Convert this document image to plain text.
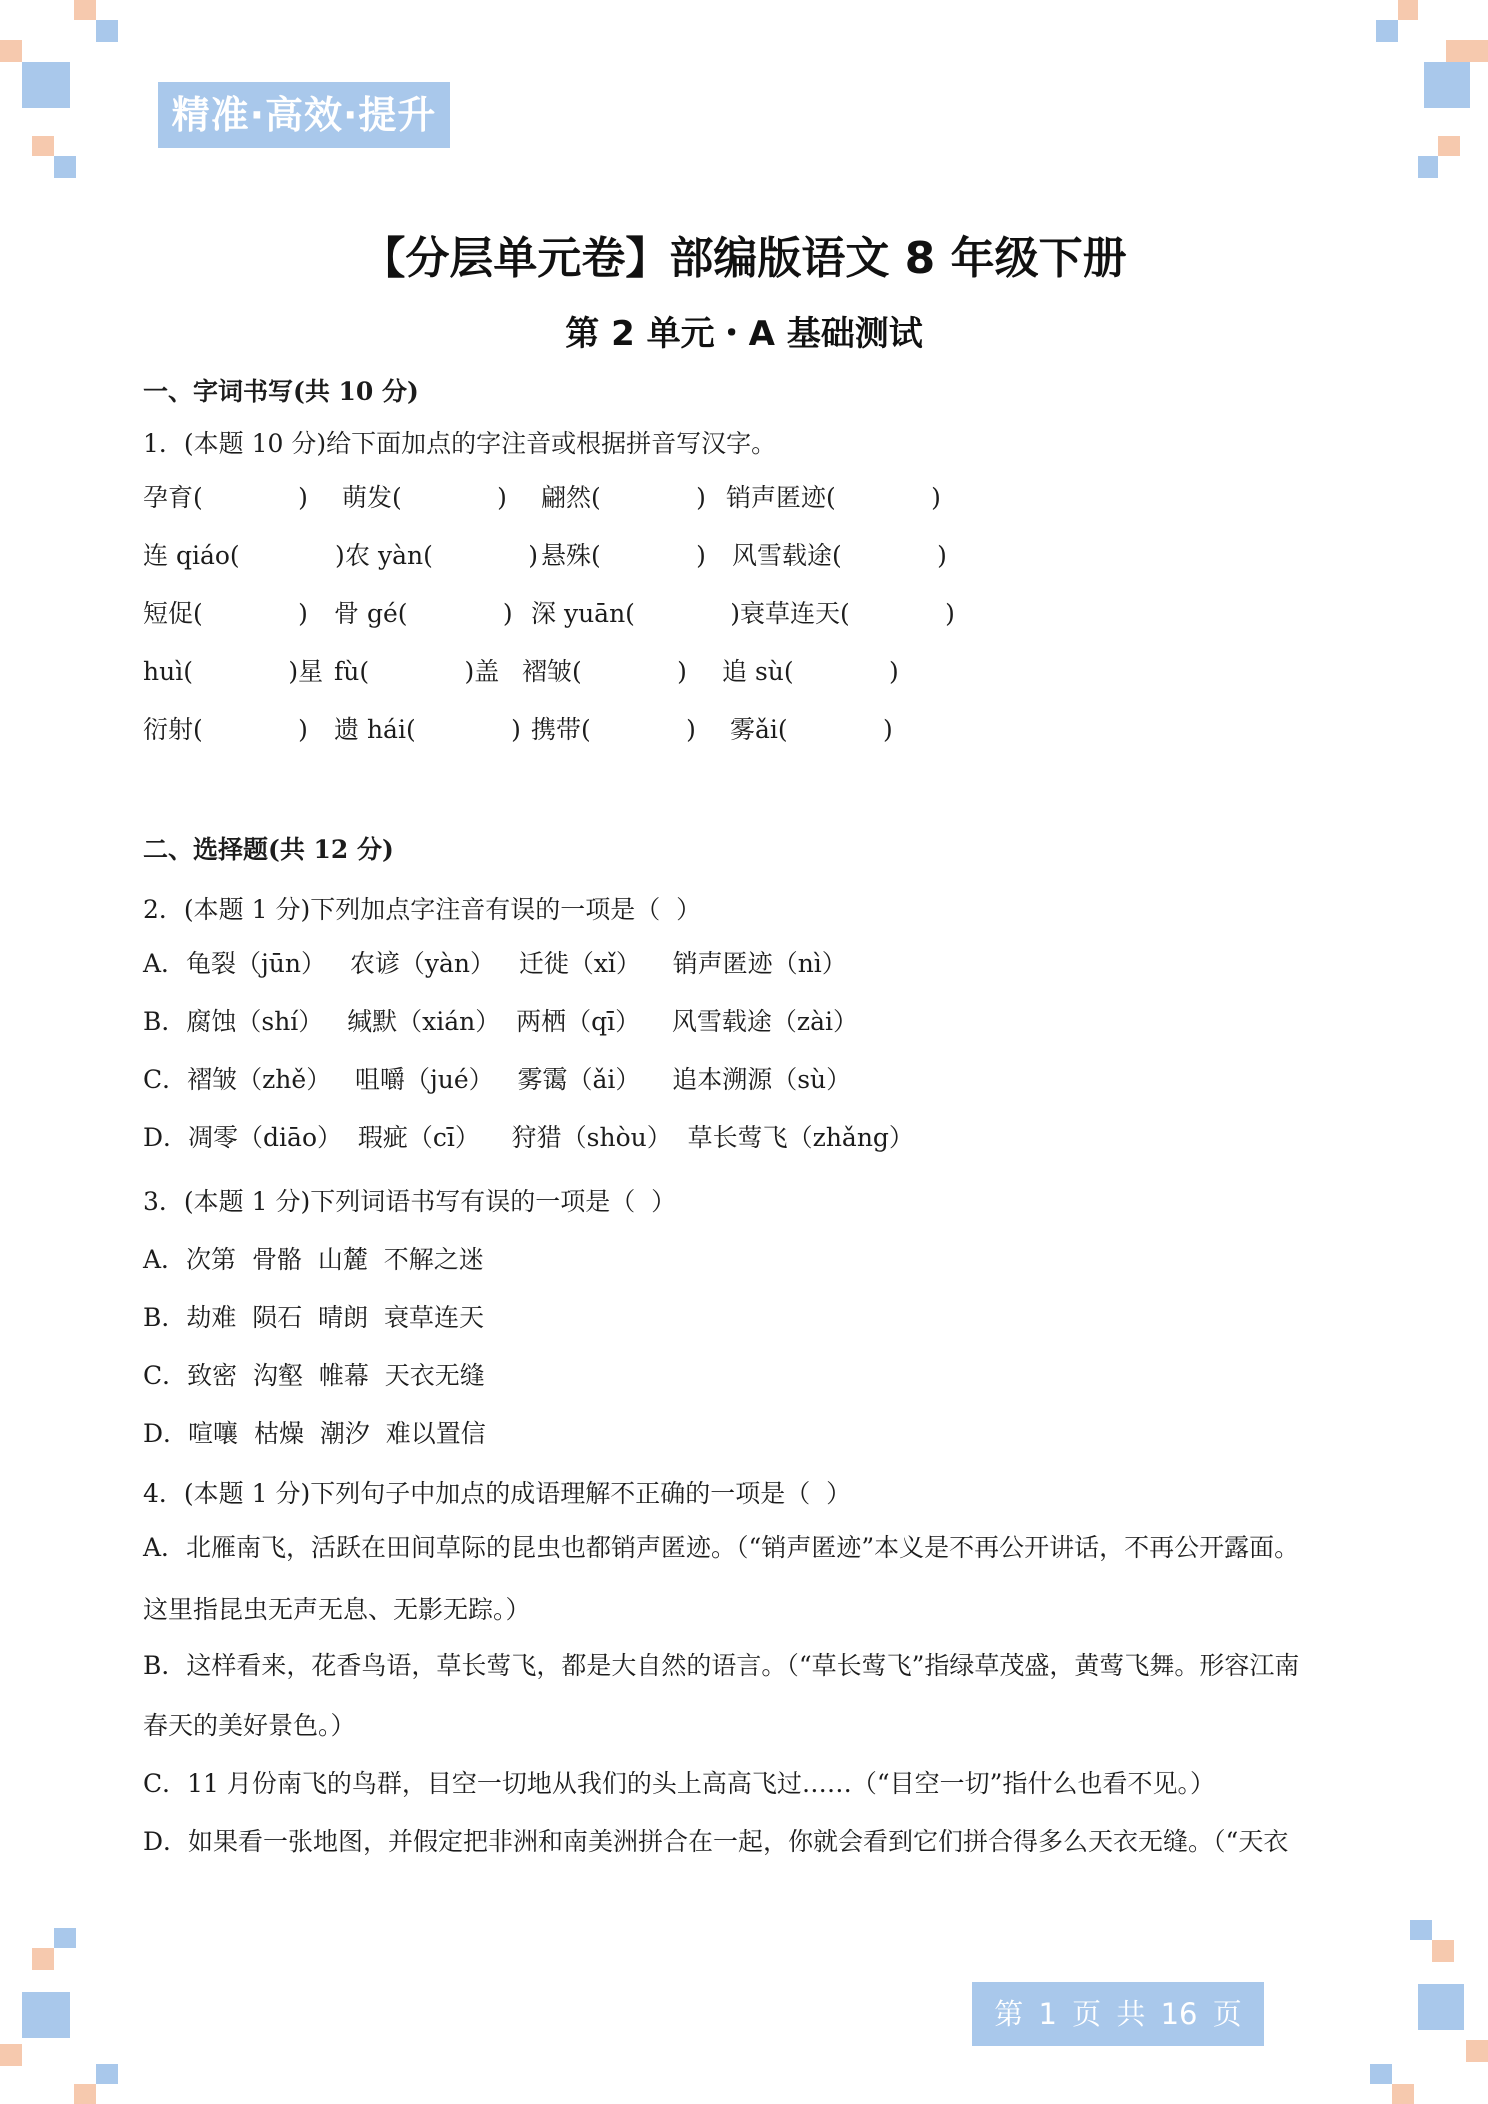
精准·高效·提升
【分层单元卷】部编版语文 8 年级下册
第 2 单元・A 基础测试
一、字词书写(共 10 分)
1．(本题 10 分)给下面加点的字注音或根据拼音写汉字。
孕育(            ) 萌发(            ) 翩然(            ) 销声匿迹(            )
连 qiáo(            ) 农 yàn(            ) 悬殊(            ) 风雪载途(            )
短促(            ) 骨 gé(            ) 深 yuān(            ) 衰草连天(            )
huì(            )星 fù(            )盖 褶皱(            ) 追 sù(            )
衍射(            ) 遗 hái(            ) 携带(            ) 雾ǎi(            )
二、选择题(共 12 分)
2．(本题 1 分)下列加点字注音有误的一项是（  ）
A．龟裂（jūn）   农谚（yàn）   迁徙（xǐ）    销声匿迹（nì）
B．腐蚀（shí）   缄默（xián）  两栖（qī）    风雪载途（zài）
C．褶皱（zhě）   咀嚼（jué）   雾霭（ǎi）    追本溯源（sù）
D．凋零（diāo）  瑕疵（cī）    狩猎（shòu）  草长莺飞（zhǎng）
3．(本题 1 分)下列词语书写有误的一项是（  ）
A．次第  骨骼  山麓  不解之迷
B．劫难  陨石  晴朗  衰草连天
C．致密  沟壑  帷幕  天衣无缝
D．喧嚷  枯燥  潮汐  难以置信
4．(本题 1 分)下列句子中加点的成语理解不正确的一项是（  ）
A．北雁南飞，活跃在田间草际的昆虫也都销声匿迹。（“销声匿迹”本义是不再公开讲话，不再公开露面。
这里指昆虫无声无息、无影无踪。）
B．这样看来，花香鸟语，草长莺飞，都是大自然的语言。（“草长莺飞”指绿草茂盛，黄莺飞舞。形容江南
春天的美好景色。）
C．11 月份南飞的鸟群，目空一切地从我们的头上高高飞过……（“目空一切”指什么也看不见。）
D．如果看一张地图，并假定把非洲和南美洲拼合在一起，你就会看到它们拼合得多么天衣无缝。（“天衣
第 1 页 共 16 页
